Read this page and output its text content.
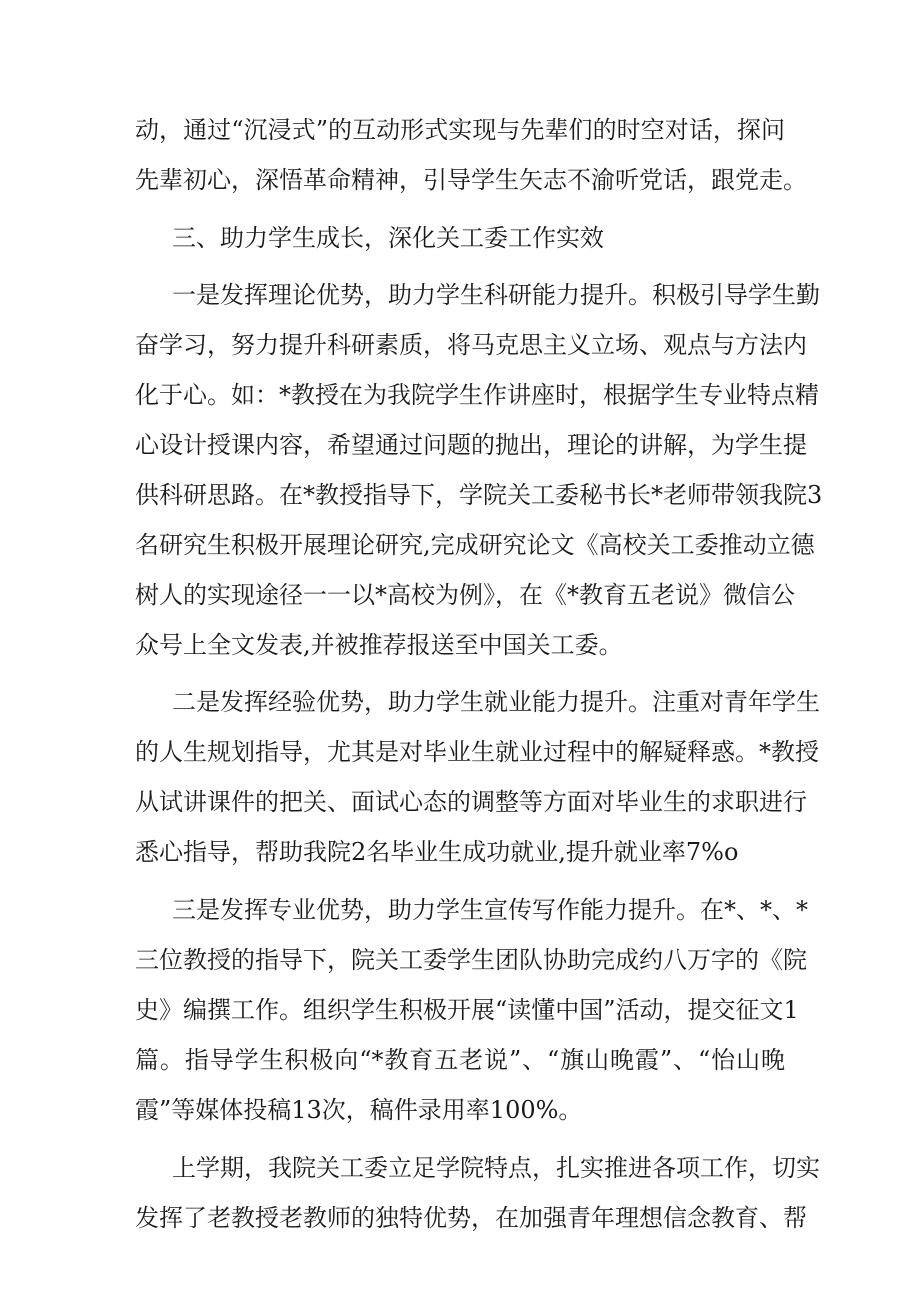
动，通过“沉浸式”的互动形式实现与先辈们的时空对话，探问
先辈初心，深悟革命精神，引导学生矢志不渝听党话，跟党走。
三、助力学生成长，深化关工委工作实效
一是发挥理论优势，助力学生科研能力提升。积极引导学生勤
奋学习，努力提升科研素质，将马克思主义立场、观点与方法内
化于心。如：*教授在为我院学生作讲座时，根据学生专业特点精
心设计授课内容，希望通过问题的抛出，理论的讲解，为学生提
供科研思路。在*教授指导下，学院关工委秘书长*老师带领我院3
名研究生积极开展理论研究,完成研究论文《高校关工委推动立德
树人的实现途径一一以*高校为例》，在《*教育五老说》微信公
众号上全文发表,并被推荐报送至中国关工委。
二是发挥经验优势，助力学生就业能力提升。注重对青年学生
的人生规划指导，尤其是对毕业生就业过程中的解疑释惑。*教授
从试讲课件的把关、面试心态的调整等方面对毕业生的求职进行
悉心指导，帮助我院2名毕业生成功就业,提升就业率7%o
三是发挥专业优势，助力学生宣传写作能力提升。在*、*、*
三位教授的指导下，院关工委学生团队协助完成约八万字的《院
史》编撰工作。组织学生积极开展“读懂中国”活动，提交征文1
篇。指导学生积极向“*教育五老说”、“旗山晚霞”、“怡山晚
霞”等媒体投稿13次，稿件录用率100%。
上学期，我院关工委立足学院特点，扎实推进各项工作，切实
发挥了老教授老教师的独特优势，在加强青年理想信念教育、帮
